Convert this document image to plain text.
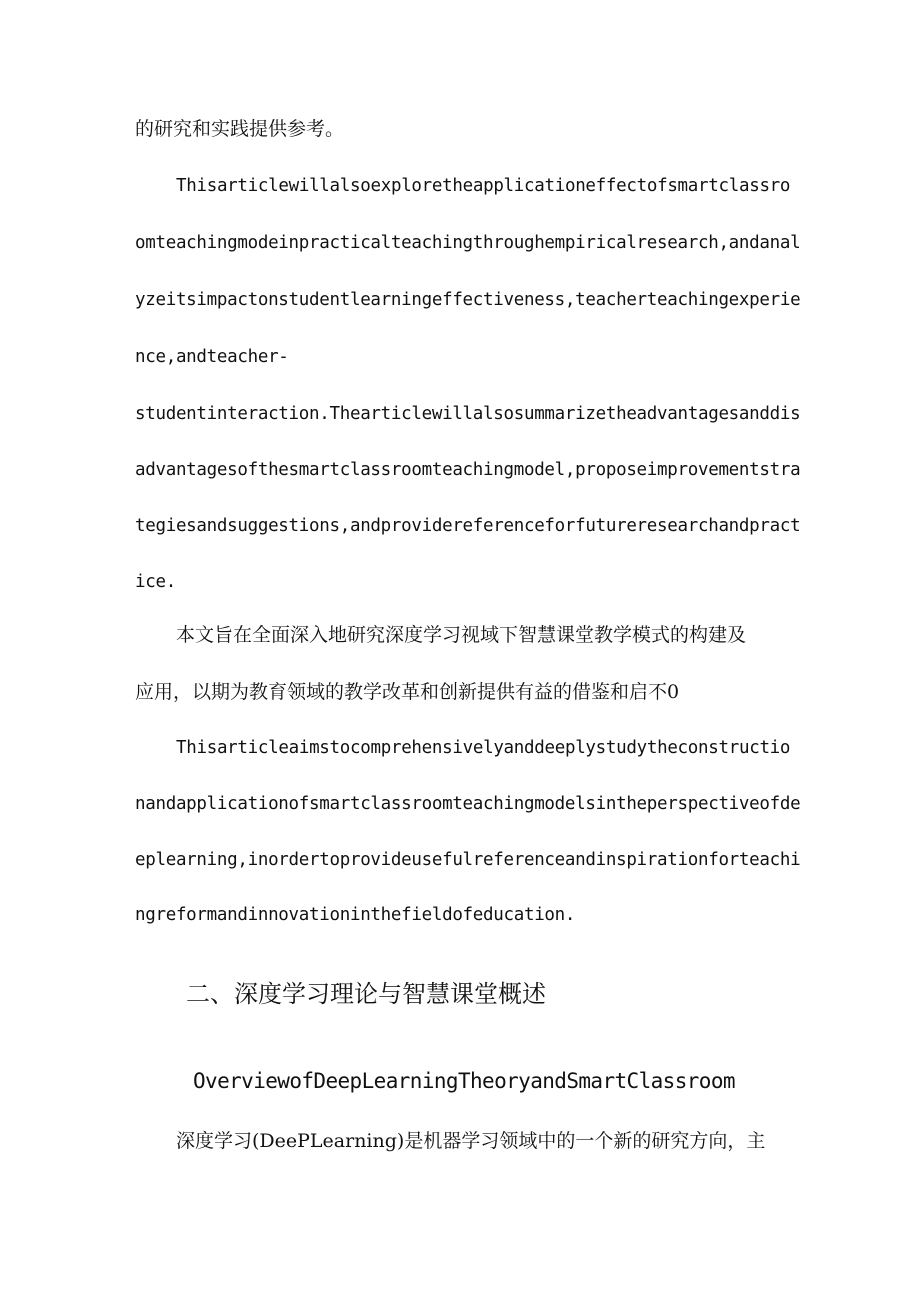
的研究和实践提供参考。
Thisarticlewillalsoexploretheapplicationeffectofsmartclassro
omteachingmodeinpracticalteachingthroughempiricalresearch,andanal
yzeitsimpactonstudentlearningeffectiveness,teacherteachingexperie
nce,andteacher-
studentinteraction.Thearticlewillalsosummarizetheadvantagesanddis
advantagesofthesmartclassroomteachingmodel,proposeimprovementstra
tegiesandsuggestions,andprovidereferenceforfutureresearchandpract
ice.
本文旨在全面深入地研究深度学习视域下智慧课堂教学模式的构建及
应用，以期为教育领域的教学改革和创新提供有益的借鉴和启不0
Thisarticleaimstocomprehensivelyanddeeplystudytheconstructio
nandapplicationofsmartclassroomteachingmodelsintheperspectiveofde
eplearning,inordertoprovideusefulreferenceandinspirationforteachi
ngreformandinnovationinthefieldofeducation.
二、深度学习理论与智慧课堂概述
OverviewofDeepLearningTheoryandSmartClassroom
深度学习(DeePLearning)是机器学习领域中的一个新的研究方向，主
